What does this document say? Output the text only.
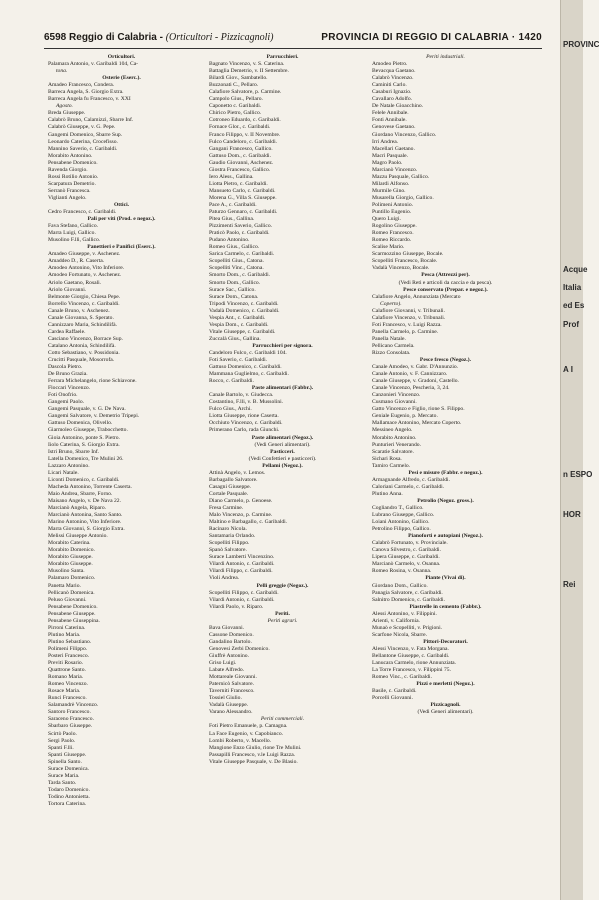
6598 Reggio di Calabria - (Orticultori - Pizzicagnoli)	PROVINCIA DI REGGIO DI CALABRIA · 1420
Orticultori.
Palamara Antonio, v. Garibaldi 104, Ca-
tona.
Osterie (Eserc.).
Amadeo Francesco, Condera.
Barreca Angela, S. Giorgio Extra.
Barreca Angela fu Francesco, v. XXI
Agosto.
Breda Giuseppe.
Calabrò Bruno, Calamizzi, Sbarre Inf.
Calabrò Giuseppe, v. G. Pepe.
Gangemi Domenico, Sbarre Sup.
Leonardo Caterina, Crocefisso.
Mannino Saverio, c. Garibaldi.
Morabito Antonino.
Pensabene Domenico.
Ravenda Giorgio.
Rossi Rotilio Antonio.
Scarpatura Demetrio.
Serranò Francesca.
Viglianti Angelo.
Ottici.
Cedro Francesco, c. Garibaldi.
Pali per viti (Prod. e negoz.).
Fava Stefano, Gallico.
Marra Luigi, Gallico.
Musolino F.lli, Gallico.
Panettieri e Panifici (Eserc.).
Amadeo Giuseppe, v. Aschenez.
Amaddeo D., R. Caserta.
Amodeo Antonino, Vito Inferiore.
Amodeo Fortunato, v. Aschenez.
Ariolo Gaetano, Rosali.
Ariolo Giovanni.
Belmonte Giorgio, Chiesa Pepe.
Borrello Vincenzo, c. Garibaldi.
Canale Bruno, v. Aschenez.
Canale Giovanna, S. Sperato.
Cannizzaro Maria, Schindilifà.
Cardea Raffaele.
Casciano Vincenzo, Borrace Sup.
Catalano Antonia, Schindilifà.
Cotto Sebastiano, v. Possidonia.
Crucitti Pasquale, Mosorrofa.
Dascola Pietro.
De Bruno Grazia.
Ferrara Michelangelo, rione Schiavone.
Floccari Vincenzo.
Foti Onofrio.
Gangemi Paolo.
Gangemi Pasquale, v. G. De Nava.
Gangemi Salvatore, v. Demetrio Tripepi.
Gattuso Domenica, Olivello.
Giarmoleo Giuseppe, Trabocchetto.
Gioia Antonino, ponte S. Pietro.
Iiolo Caterina, S. Giorgio Extra.
Istri Bruno, Sbarre Inf.
Latella Domenico, Tre Mulini 26.
Lazzaro Antonino.
Licari Natale.
Liconti Domenico, c. Garibaldi.
Macheda Antonino, Torrente Caserta.
Maio Andrea, Sbarre, Forno.
Maisano Angelo, v. De Nava 22.
Marcianò Angela, Riparo.
Marcianò Antonina, Santo Santo.
Marino Antonino, Vito Inferiore.
Marra Giovanni, S. Giorgio Extra.
Melissi Giuseppe Antonio.
Morabito Caterina.
Morabito Domenico.
Morabito Giuseppe.
Morabito Giuseppe.
Musolino Santa.
Palamaro Domenico.
Panetta Mario.
Pellicanò Domenica.
Peluso Giovanni.
Pensabene Domenico.
Pensabene Giuseppe.
Pensabene Giuseppina.
Pirroni Caterina.
Plutino Maria.
Plutino Sebastiano.
Polimeni Filippo.
Posteri Francesco.
Previti Rosario.
Quattrone Santo.
Romano Maria.
Romeo Vincenzo.
Rosace Maria.
Runci Francesco.
Salamandrè Vincenzo.
Santoro Francesco.
Saraceno Francesco.
Sbarbaro Giuseppe.
Scirtò Paolo.
Sergi Paolo.
Spanti F.lli.
Spanti Giuseppe.
Spinella Santo.
Surace Domenica.
Surace Maria.
Tarda Santo.
Todaro Domenico.
Todino Antonietta.
Tortora Caterina.
Parrucchieri.
Bagnato Vincenzo, v. S. Caterina.
Battaglia Demetrio, v. II Settembre.
Bilardi Giov., Sambatello.
Buzzonati C., Pellaro.
Calafiore Salvatore, p. Carmine.
Campolo Gius., Pellaro.
Caponetto c. Garibaldi.
Chirico Pietro, Gallico.
Cotroneo Eduardo, c. Garibaldi.
Fornace Glor., c. Garibaldi.
Franco Filippo, v. II Novembre.
Fulco Candeloro, c. Garibaldi.
Gangani Francesco, Gallico.
Gattuso Dom., c. Garibaldi.
Gaudio Giovanni, Aschenez.
Giostra Francesco, Gallico.
Iero Aless., Gallina.
Liotta Pietro, c. Garibaldi.
Mansueto Carlo, c. Garibaldi.
Morena G., Villa S. Giuseppe.
Pace A., c. Garibaldi.
Paturzo Gennaro, c. Garibaldi.
Pitea Gius., Gallina.
Pizzimenti Saverio, Gallico.
Praticò Paolo, c. Garibaldi.
Pudano Antonino.
Romeo Gius., Gallico.
Sarica Carmelo, c. Garibaldi.
Scopelliti Gius., Catona.
Scopelliti Vinc., Catona.
Smorto Dom., c. Garibaldi.
Smorto Dom., Gallico.
Surace Sac., Gallico.
Surace Dom., Catona.
Tripodi Vincenzo, c. Garibaldi.
Vadalà Domenico, c. Garibaldi.
Vespia Ant., c. Garibaldi.
Vespia Dom., c. Garibaldi.
Vitale Giuseppe, c. Garibaldi.
Zuccalà Gius., Gallina.
Parrucchieri per signora.
Candeloro Fulco, c. Garibaldi 104.
Foti Saverio, c. Garibaldi.
Gattuso Domenico, c. Garibaldi.
Mammana Guglielmo, c. Garibaldi.
Rocco, c. Garibaldi.
Paste alimentari (Fabbr.).
Canale Bartolo, v. Giudecca.
Costantino, F.lli, v. B. Mussolini.
Fulco Gius., Archi.
Liotta Giuseppe, rione Caserta.
Occhiuto Vincenzo, c. Garibaldi.
Primerano Carlo, rada Giunchi.
Paste alimentari (Negoz.).
(Vedi Generi alimentari).
Pasticceri.
(Vedi Confettieri e pasticceri).
Pellami (Negoz.).
Attinà Angelo, v. Lemos.
Barbagallo Salvatore.
Casagni Giuseppe.
Cortale Pasquale.
Diano Carmelo, p. Genoese.
Fresa Carmine.
Malo Vincenzo, p. Carmine.
Maltino e Barbagallo, c. Garibaldi.
Racinaro Nicola.
Santamaria Orlando.
Scopelliti Filippo.
Spanò Salvatore.
Surace Lamberti Vincenzino.
Vilardi Antonio, c. Garibaldi.
Vilardi Filippo, c. Garibaldi.
Violi Andrea.
Pelli greggie (Negoz.).
Scopelliti Filippo, c. Garibaldi.
Vilardi Antonio, c. Garibaldi.
Vilardi Paolo, v. Riparo.
Periti.
Periti agrari.
Bava Giovanni.
Cassone Domenico.
Gandalino Bartolo.
Genovesi Zerbi Domenico.
Giuffrè Antonino.
Griso Luigi.
Labate Alfredo.
Mottareale Giovanni.
Paternicò Salvatore.
Taverniti Francesco.
Tossiel Giulio.
Vadalà Giuseppe.
Varano Alessandro.
Periti commerciali.
Foti Pietro Emanuele, p. Camagna.
La Face Eugenio, v. Capobianco.
Lombi Roberto, v. Macello.
Mangione Enzo Giulio, rione Tre Mulini.
Passapilli Francesco, v.le Luigi Razza.
Vitale Giuseppe Pasquale, v. De Blasio.
Periti industriali.
Amodeo Pietro.
Bevacqua Gaetano.
Calabrò Vincenzo.
Caminiti Carlo.
Casaburi Ignazio.
Cavallaro Adolfo.
De Natale Gioacchino.
Felele Annibale.
Fonti Annibale.
Genovese Gaetano.
Giordano Vincenzo, Gallico.
Irri Andrea.
Macellari Gaetano.
Macrì Pasquale.
Magro Paolo.
Marcianò Vincenzo.
Mazzu Pasquale, Gallico.
Milardi Alfonso.
Murmile Gino.
Musarella Giorgio, Gallico.
Polimeni Antonio.
Puntillo Eugenio.
Quero Luigi.
Rogolino Giuseppe.
Romeo Francesco.
Romeo Riccardo.
Scalise Mario.
Scarmozzino Giuseppe, Bocale.
Scopelliti Francesco, Bocale.
Vadalà Vincenzo, Bocale.
Pesca (Attrezzi per).
(Vedi Reti e articoli da caccia e da pesca).
Pesce conservato (Prepar. e negoz.).
Calafiore Angelo, Annunziata (Mercato
Coperto).
Calafiore Giovanni, v. Tribunali.
Calafiore Vincenzo, v. Tribunali.
Foti Francesco, v. Luigi Razza.
Panella Carmelo, p. Carmine.
Panella Natale.
Pellicano Carmela.
Rizzo Consolata.
Pesce fresco (Negoz.).
Canale Amodeo, v. Gabr. D'Annunzio.
Canale Antonio, v. F. Cannizzaro.
Canale Giuseppe, v. Gradoni, Castello.
Canale Vincenzo, Pescheria, 3, 24.
Canzonieri Vincenzo.
Cusmano Giovanni.
Gatto Vincenzo e Figlio, rione S. Filippo.
Geniale Eugenio, p. Mercato.
Mallamace Antonino, Mercato Coperto.
Messineo Angelo.
Morabito Antonino.
Punturieri Venerando.
Scaratie Salvatore.
Sichari Rosa.
Tamiro Carmelo.
Pesi e misure (Fabbr. e negoz.).
Armagnande Alfredo, c. Garibaldi.
Caloriani Carmelo, c. Garibaldi.
Plutino Anna.
Petrolio (Negoz. gross.).
Cogliandro T., Gallico.
Lubrano Giuseppe, Gallico.
Loiani Antonino, Gallico.
Petrolino Filippo, Gallico.
Pianoforti e autopiani (Negoz.).
Calabrò Fortunato, v. Provinciale.
Canova Silvestro, c. Garibaldi.
Lipera Giuseppe, c. Garibaldi.
Marcianò Carmelo, v. Osanna.
Romeo Rosina, v. Osanna.
Piante (Vivai di).
Giordano Dom., Gallico.
Panagia Salvatore, c. Garibaldi.
Salnitro Domenico, c. Garibaldi.
Piastrelle in cemento (Fabbr.).
Alessi Antonino, v. Filippini.
Arienti, v. California.
Munaò e Scopelliti, v. Prigioni.
Scarfone Nicola, Sbarre.
Pittori-Decoratori.
Alessi Vincenzo, v. Fata Morgana.
Bellantone Giuseppe, c. Garibaldi.
Lanucara Carmelo, rione Annunziata.
La Torre Francesco, v. Filippini 75.
Romeo Vinc., c. Garibaldi.
Pizzi e merletti (Negoz.).
Basile, c. Garibaldi.
Porcelli Giovanni.
Pizzicagnoli.
(Vedi Generi alimentari).
PROVINC
Acque
Italia
ed Es
Prof
A I
n ESPO
HOR
Rei
